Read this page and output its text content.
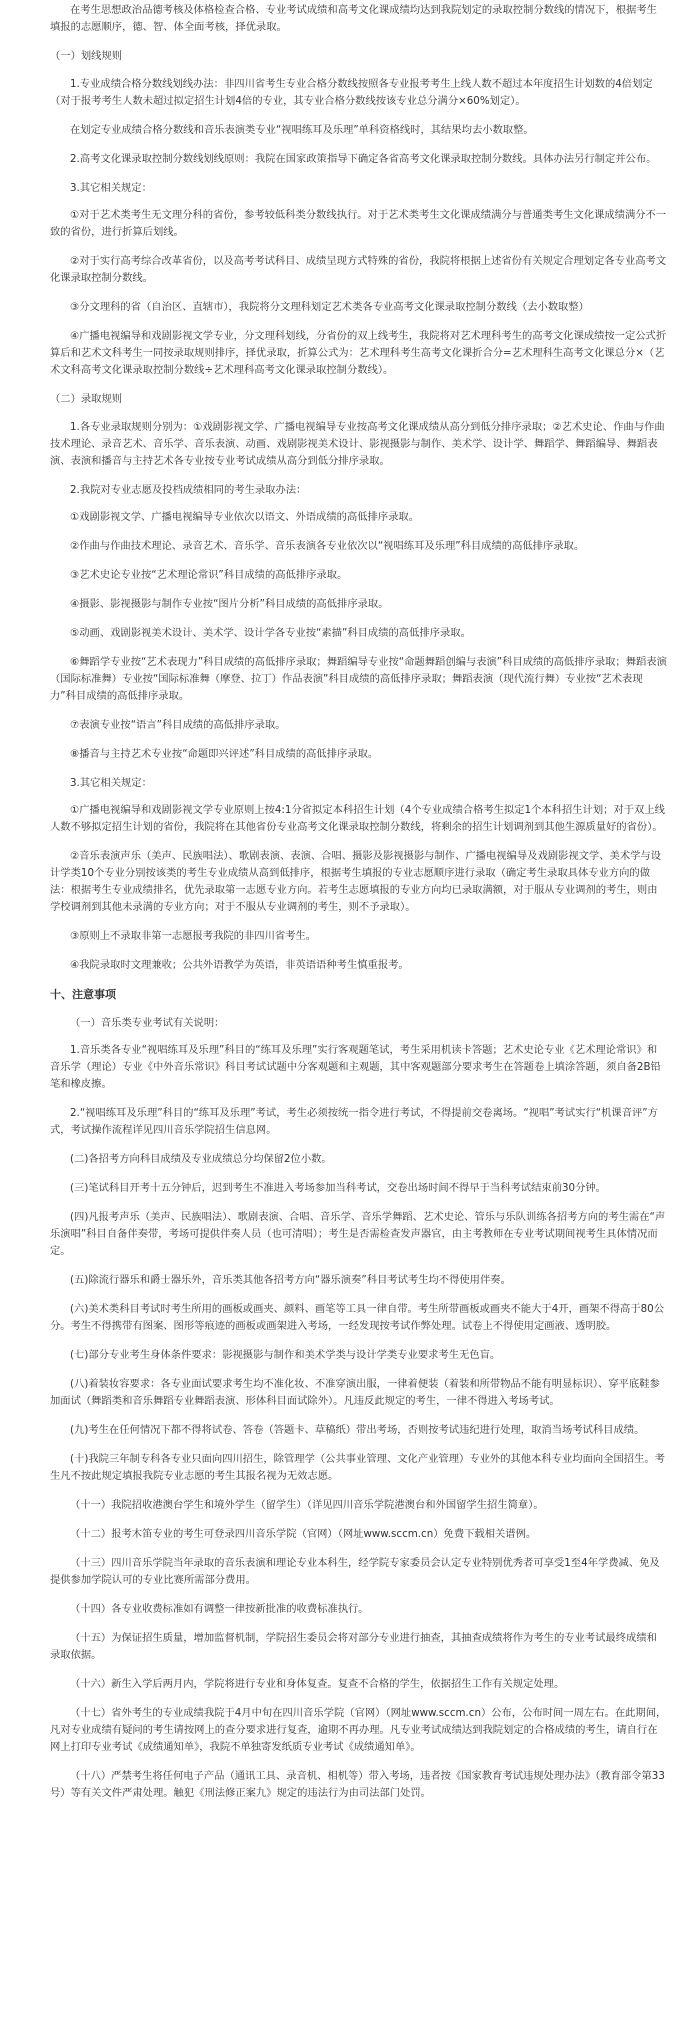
在考生思想政治品德考核及体格检查合格、专业考试成绩和高考文化课成绩均达到我院划定的录取控制分数线的情况下，根据考生填报的志愿顺序，德、智、体全面考核，择优录取。

（一）划线规则

1.专业成绩合格分数线划线办法：非四川省考生专业合格分数线按照各专业报考考生上线人数不超过本年度招生计划数的4倍划定（对于报考考生人数未超过拟定招生计划4倍的专业，其专业合格分数线按该专业总分满分×60%划定）。

在划定专业成绩合格分数线和音乐表演类专业“视唱练耳及乐理”单科资格线时，其结果均去小数取整。

2.高考文化课录取控制分数线划线原则：我院在国家政策指导下确定各省高考文化课录取控制分数线。具体办法另行制定并公布。

3.其它相关规定：

①对于艺术类考生无文理分科的省份，参考较低科类分数线执行。对于艺术类考生文化课成绩满分与普通类考生文化课成绩满分不一致的省份，进行折算后划线。

②对于实行高考综合改革省份，以及高考考试科目、成绩呈现方式特殊的省份，我院将根据上述省份有关规定合理划定各专业高考文化课录取控制分数线。

③分文理科的省（自治区、直辖市），我院将分文理科划定艺术类各专业高考文化课录取控制分数线（去小数取整）

④广播电视编导和戏剧影视文学专业，分文理科划线，分省份的双上线考生，我院将对艺术理科考生的高考文化课成绩按一定公式折算后和艺术文科考生一同按录取规则排序，择优录取，折算公式为：艺术理科考生高考文化课折合分=艺术理科生高考文化课总分×（艺术文科高考文化课录取控制分数线÷艺术理科高考文化课录取控制分数线）。

（二）录取规则

1.各专业录取规则分别为：①戏剧影视文学、广播电视编导专业按高考文化课成绩从高分到低分排序录取；②艺术史论、作曲与作曲技术理论、录音艺术、音乐学、音乐表演、动画、戏剧影视美术设计、影视摄影与制作、美术学、设计学、舞蹈学、舞蹈编导、舞蹈表演、表演和播音与主持艺术各专业按专业考试成绩从高分到低分排序录取。

2.我院对专业志愿及投档成绩相同的考生录取办法：

①戏剧影视文学、广播电视编导专业依次以语文、外语成绩的高低排序录取。

②作曲与作曲技术理论、录音艺术、音乐学、音乐表演各专业依次以“视唱练耳及乐理”科目成绩的高低排序录取。

③艺术史论专业按“艺术理论常识”科目成绩的高低排序录取。

④摄影、影视摄影与制作专业按“图片分析”科目成绩的高低排序录取。

⑤动画、戏剧影视美术设计、美术学、设计学各专业按“素描”科目成绩的高低排序录取。

⑥舞蹈学专业按“艺术表现力”科目成绩的高低排序录取；舞蹈编导专业按“命题舞蹈创编与表演”科目成绩的高低排序录取；舞蹈表演（国际标准舞）专业按“国际标准舞（摩登、拉丁）作品表演”科目成绩的高低排序录取；舞蹈表演（现代流行舞）专业按“艺术表现力”科目成绩的高低排序录取。

⑦表演专业按“语言”科目成绩的高低排序录取。

⑧播音与主持艺术专业按“命题即兴评述”科目成绩的高低排序录取。

3.其它相关规定：

①广播电视编导和戏剧影视文学专业原则上按4:1分省拟定本科招生计划（4个专业成绩合格考生拟定1个本科招生计划；对于双上线人数不够拟定招生计划的省份，我院将在其他省份专业高考文化课录取控制分数线，将剩余的招生计划调剂到其他生源质量好的省份）。

②音乐表演声乐（美声、民族唱法）、歌剧表演、表演、合唱、摄影及影视摄影与制作、广播电视编导及戏剧影视文学、美术学与设计学类10个专业分别按该类的考生专业成绩从高到低排序，根据考生填报的专业志愿顺序进行录取（确定考生录取具体专业方向的做法：根据考生专业成绩排名，优先录取第一志愿专业方向。若考生志愿填报的专业方向均已录取满额，对于服从专业调剂的考生，则由学校调剂到其他未录满的专业方向；对于不服从专业调剂的考生，则不予录取）。

③原则上不录取非第一志愿报考我院的非四川省考生。

④我院录取时文理兼收；公共外语教学为英语，非英语语种考生慎重报考。

十、注意事项

（一）音乐类专业考试有关说明：

1.音乐类各专业“视唱练耳及乐理”科目的“练耳及乐理”实行客观题笔试，考生采用机读卡答题；艺术史论专业《艺术理论常识》和音乐学（理论）专业《中外音乐常识》科目考试试题中分客观题和主观题，其中客观题部分要求考生在答题卷上填涂答题，须自备2B铅笔和橡皮擦。

2.“视唱练耳及乐理”科目的“练耳及乐理”考试，考生必须按统一指令进行考试，不得提前交卷离场。“视唱”考试实行“机课音评”方式，考试操作流程详见四川音乐学院招生信息网。

(二)各招考方向科目成绩及专业成绩总分均保留2位小数。

(三)笔试科目开考十五分钟后，迟到考生不准进入考场参加当科考试，交卷出场时间不得早于当科考试结束前30分钟。

(四)凡报考声乐（美声、民族唱法）、歌剧表演、合唱、音乐学、音乐学舞蹈、艺术史论、管乐与乐队训练各招考方向的考生需在“声乐演唱”科目自备伴奏带，考场可提供伴奏人员（也可清唱）；考生是否需检查发声器官，由主考教师在专业考试期间视考生具体情况而定。

(五)除流行器乐和爵士器乐外，音乐类其他各招考方向“器乐演奏”科目考试考生均不得使用伴奏。

(六)美术类科目考试时考生所用的画板或画夹、颜料、画笔等工具一律自带。考生所带画板或画夹不能大于4开，画架不得高于80公分。考生不得携带有图案、图形等痕迹的画板或画架进入考场，一经发现按考试作弊处理。试卷上不得使用定画液、透明胶。

(七)部分专业考生身体条件要求：影视摄影与制作和美术学类与设计学类专业要求考生无色盲。

(八)着装妆容要求：各专业面试要求考生均不准化妆、不准穿演出服，一律着便装（着装和所带物品不能有明显标识）、穿平底鞋参加面试（舞蹈类和音乐舞蹈专业舞蹈表演、形体科目面试除外）。凡违反此规定的考生，一律不得进入考场考试。

(九)考生在任何情况下都不得将试卷、答卷（答题卡、草稿纸）带出考场，否则按考试违纪进行处理，取消当场考试科目成绩。

(十)我院三年制专科各专业只面向四川招生，除管理学（公共事业管理、文化产业管理）专业外的其他本科专业均面向全国招生。考生凡不按此规定填报我院专业志愿的考生其报名视为无效志愿。

（十一）我院招收港澳台学生和境外学生（留学生）（详见四川音乐学院港澳台和外国留学生招生简章）。

（十二）报考木笛专业的考生可登录四川音乐学院（官网）（网址www.sccm.cn）免费下载相关谱例。

（十三）四川音乐学院当年录取的音乐表演和理论专业本科生，经学院专家委员会认定专业特别优秀者可享受1至4年学费减、免及提供参加学院认可的专业比赛所需部分费用。

（十四）各专业收费标准如有调整一律按新批准的收费标准执行。

（十五）为保证招生质量，增加监督机制，学院招生委员会将对部分专业进行抽查，其抽查成绩将作为考生的专业考试最终成绩和录取依据。

（十六）新生入学后两月内，学院将进行专业和身体复查。复查不合格的学生，依据招生工作有关规定处理。

（十七）省外考生的专业成绩我院于4月中旬在四川音乐学院（官网）（网址www.sccm.cn）公布，公布时间一周左右。在此期间，凡对专业成绩有疑问的考生请按网上的查分要求进行复查，逾期不再办理。凡专业考试成绩达到我院划定的合格成绩的考生，请自行在网上打印专业考试《成绩通知单》，我院不单独寄发纸质专业考试《成绩通知单》。

（十八）严禁考生将任何电子产品（通讯工具、录音机、相机等）带入考场，违者按《国家教育考试违规处理办法》（教育部令第33号）等有关文件严肃处理。触犯《刑法修正案九》规定的违法行为由司法部门处罚。
